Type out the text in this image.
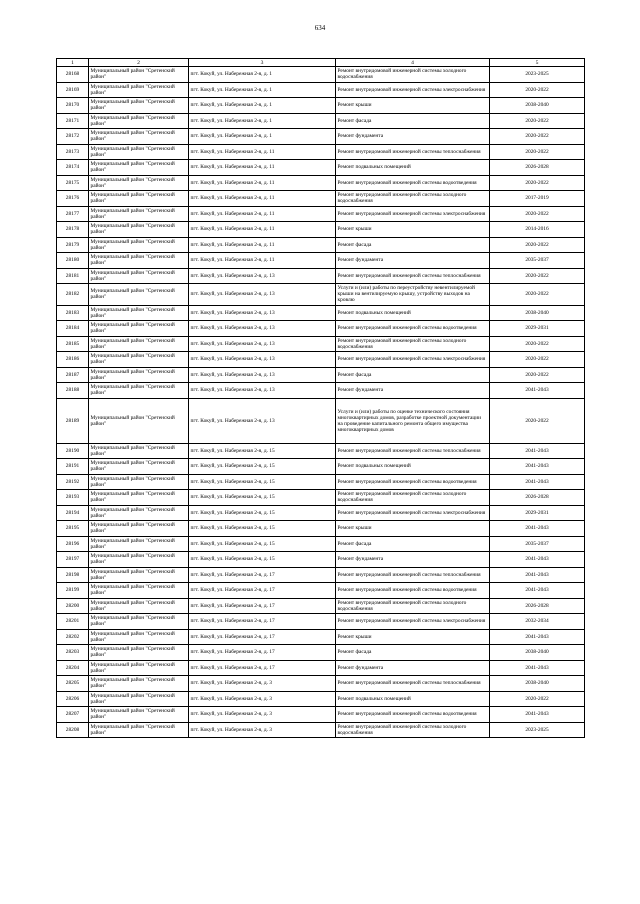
634
1	2	3	4	5
28168	Муниципальный район "Сретенский район"	пгт. Кокуй, ул. Набережная 2-я, д. 1	Ремонт внутридомовой инженерной системы холодного водоснабжения	2023-2025
28169	Муниципальный район "Сретенский район"	пгт. Кокуй, ул. Набережная 2-я, д. 1	Ремонт внутридомовой инженерной системы электроснабжения	2020-2022
28170	Муниципальный район "Сретенский район"	пгт. Кокуй, ул. Набережная 2-я, д. 1	Ремонт крыши	2038-2040
28171	Муниципальный район "Сретенский район"	пгт. Кокуй, ул. Набережная 2-я, д. 1	Ремонт фасада	2020-2022
28172	Муниципальный район "Сретенский район"	пгт. Кокуй, ул. Набережная 2-я, д. 1	Ремонт фундамента	2020-2022
28173	Муниципальный район "Сретенский район"	пгт. Кокуй, ул. Набережная 2-я, д. 11	Ремонт внутридомовой инженерной системы теплоснабжения	2020-2022
28174	Муниципальный район "Сретенский район"	пгт. Кокуй, ул. Набережная 2-я, д. 11	Ремонт подвальных помещений	2026-2028
28175	Муниципальный район "Сретенский район"	пгт. Кокуй, ул. Набережная 2-я, д. 11	Ремонт внутридомовой инженерной системы водоотведения	2020-2022
28176	Муниципальный район "Сретенский район"	пгт. Кокуй, ул. Набережная 2-я, д. 11	Ремонт внутридомовой инженерной системы холодного водоснабжения	2017-2019
28177	Муниципальный район "Сретенский район"	пгт. Кокуй, ул. Набережная 2-я, д. 11	Ремонт внутридомовой инженерной системы электроснабжения	2020-2022
28178	Муниципальный район "Сретенский район"	пгт. Кокуй, ул. Набережная 2-я, д. 11	Ремонт крыши	2014-2016
28179	Муниципальный район "Сретенский район"	пгт. Кокуй, ул. Набережная 2-я, д. 11	Ремонт фасада	2020-2022
28180	Муниципальный район "Сретенский район"	пгт. Кокуй, ул. Набережная 2-я, д. 11	Ремонт фундамента	2035-2037
28181	Муниципальный район "Сретенский район"	пгт. Кокуй, ул. Набережная 2-я, д. 13	Ремонт внутридомовой инженерной системы теплоснабжения	2020-2022
28182	Муниципальный район "Сретенский район"	пгт. Кокуй, ул. Набережная 2-я, д. 13	Услуги и (или) работы по переустройству невентилируемой крыши на вентилируемую крышу, устройству выходов на кровлю	2020-2022
28183	Муниципальный район "Сретенский район"	пгт. Кокуй, ул. Набережная 2-я, д. 13	Ремонт подвальных помещений	2038-2040
28184	Муниципальный район "Сретенский район"	пгт. Кокуй, ул. Набережная 2-я, д. 13	Ремонт внутридомовой инженерной системы водоотведения	2029-2031
28185	Муниципальный район "Сретенский район"	пгт. Кокуй, ул. Набережная 2-я, д. 13	Ремонт внутридомовой инженерной системы холодного водоснабжения	2020-2022
28186	Муниципальный район "Сретенский район"	пгт. Кокуй, ул. Набережная 2-я, д. 13	Ремонт внутридомовой инженерной системы электроснабжения	2020-2022
28187	Муниципальный район "Сретенский район"	пгт. Кокуй, ул. Набережная 2-я, д. 13	Ремонт фасада	2020-2022
28188	Муниципальный район "Сретенский район"	пгт. Кокуй, ул. Набережная 2-я, д. 13	Ремонт фундамента	2041-2043
28189	Муниципальный район "Сретенский район"	пгт. Кокуй, ул. Набережная 2-я, д. 13	Услуги и (или) работы по оценке технического состояния многоквартирных домов, разработке проектной документации на проведение капитального ремонта общего имущества многоквартирных домов	2020-2022
28190	Муниципальный район "Сретенский район"	пгт. Кокуй, ул. Набережная 2-я, д. 15	Ремонт внутридомовой инженерной системы теплоснабжения	2041-2043
28191	Муниципальный район "Сретенский район"	пгт. Кокуй, ул. Набережная 2-я, д. 15	Ремонт подвальных помещений	2041-2043
28192	Муниципальный район "Сретенский район"	пгт. Кокуй, ул. Набережная 2-я, д. 15	Ремонт внутридомовой инженерной системы водоотведения	2041-2043
28193	Муниципальный район "Сретенский район"	пгт. Кокуй, ул. Набережная 2-я, д. 15	Ремонт внутридомовой инженерной системы холодного водоснабжения	2026-2028
28194	Муниципальный район "Сретенский район"	пгт. Кокуй, ул. Набережная 2-я, д. 15	Ремонт внутридомовой инженерной системы электроснабжения	2029-2031
28195	Муниципальный район "Сретенский район"	пгт. Кокуй, ул. Набережная 2-я, д. 15	Ремонт крыши	2041-2043
28196	Муниципальный район "Сретенский район"	пгт. Кокуй, ул. Набережная 2-я, д. 15	Ремонт фасада	2035-2037
28197	Муниципальный район "Сретенский район"	пгт. Кокуй, ул. Набережная 2-я, д. 15	Ремонт фундамента	2041-2043
28198	Муниципальный район "Сретенский район"	пгт. Кокуй, ул. Набережная 2-я, д. 17	Ремонт внутридомовой инженерной системы теплоснабжения	2041-2043
28199	Муниципальный район "Сретенский район"	пгт. Кокуй, ул. Набережная 2-я, д. 17	Ремонт внутридомовой инженерной системы водоотведения	2041-2043
28200	Муниципальный район "Сретенский район"	пгт. Кокуй, ул. Набережная 2-я, д. 17	Ремонт внутридомовой инженерной системы холодного водоснабжения	2026-2028
28201	Муниципальный район "Сретенский район"	пгт. Кокуй, ул. Набережная 2-я, д. 17	Ремонт внутридомовой инженерной системы электроснабжения	2032-2034
28202	Муниципальный район "Сретенский район"	пгт. Кокуй, ул. Набережная 2-я, д. 17	Ремонт крыши	2041-2043
28203	Муниципальный район "Сретенский район"	пгт. Кокуй, ул. Набережная 2-я, д. 17	Ремонт фасада	2038-2040
28204	Муниципальный район "Сретенский район"	пгт. Кокуй, ул. Набережная 2-я, д. 17	Ремонт фундамента	2041-2043
28205	Муниципальный район "Сретенский район"	пгт. Кокуй, ул. Набережная 2-я, д. 3	Ремонт внутридомовой инженерной системы теплоснабжения	2038-2040
28206	Муниципальный район "Сретенский район"	пгт. Кокуй, ул. Набережная 2-я, д. 3	Ремонт подвальных помещений	2020-2022
28207	Муниципальный район "Сретенский район"	пгт. Кокуй, ул. Набережная 2-я, д. 3	Ремонт внутридомовой инженерной системы водоотведения	2041-2043
28208	Муниципальный район "Сретенский район"	пгт. Кокуй, ул. Набережная 2-я, д. 3	Ремонт внутридомовой инженерной системы холодного водоснабжения	2023-2025
